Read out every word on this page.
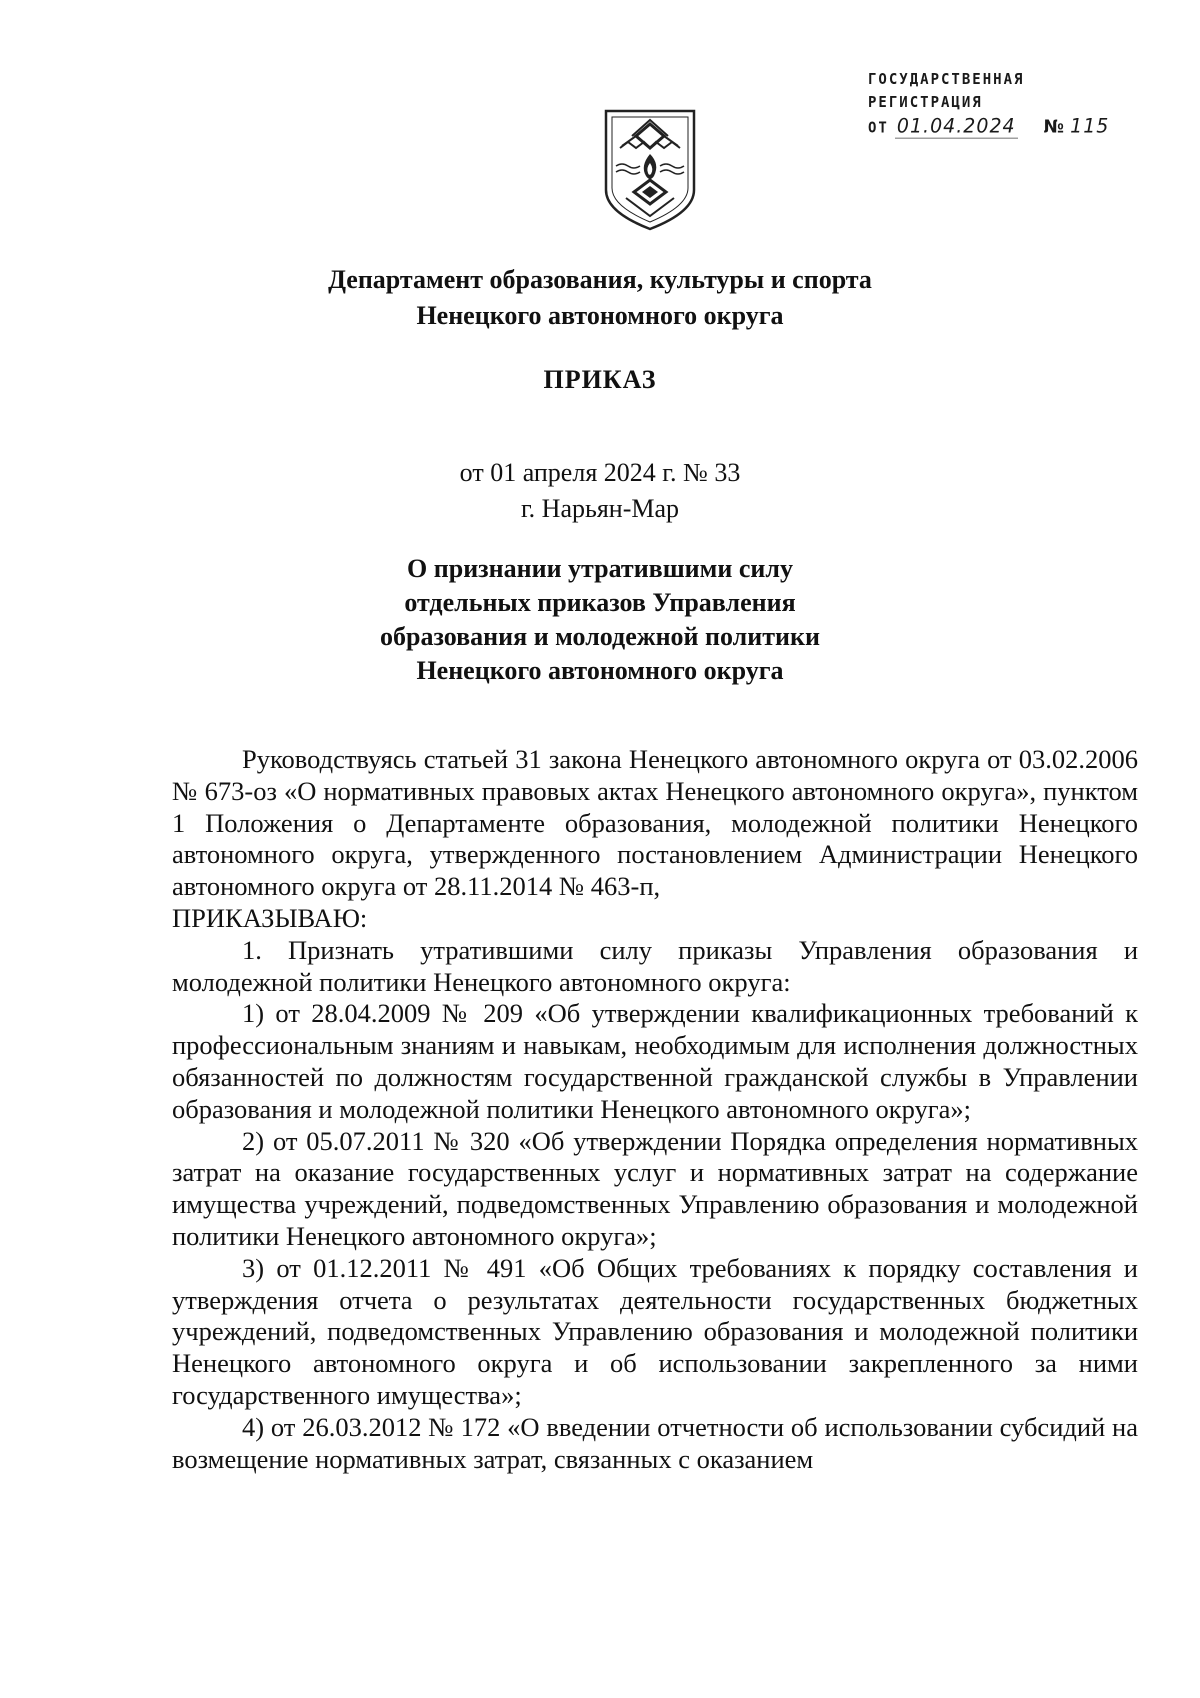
ГОСУДАРСТВЕННАЯ
РЕГИСТРАЦИЯ
ОТ 01.04.2024 № 115
Департамент образования, культуры и спорта
Ненецкого автономного округа
ПРИКАЗ
от 01 апреля 2024 г. № 33
г. Нарьян-Мар
О признании утратившими силу
отдельных приказов Управления
образования и молодежной политики
Ненецкого автономного округа

Руководствуясь статьей 31 закона Ненецкого автономного округа от 03.02.2006 № 673-оз «О нормативных правовых актах Ненецкого автономного округа», пунктом 1 Положения о Департаменте образования, молодежной политики Ненецкого автономного округа, утвержденного постановлением Администрации Ненецкого автономного округа от 28.11.2014 № 463-п,

ПРИКАЗЫВАЮ:

1. Признать утратившими силу приказы Управления образования и молодежной политики Ненецкого автономного округа:

1) от 28.04.2009 № 209 «Об утверждении квалификационных требований к профессиональным знаниям и навыкам, необходимым для исполнения должностных обязанностей по должностям государственной гражданской службы в Управлении образования и молодежной политики Ненецкого автономного округа»;

2) от 05.07.2011 № 320 «Об утверждении Порядка определения нормативных затрат на оказание государственных услуг и нормативных затрат на содержание имущества учреждений, подведомственных Управлению образования и молодежной политики Ненецкого автономного округа»;

3) от 01.12.2011 № 491 «Об Общих требованиях к порядку составления и утверждения отчета о результатах деятельности государственных бюджетных учреждений, подведомственных Управлению образования и молодежной политики Ненецкого автономного округа и об использовании закрепленного за ними государственного имущества»;

4) от 26.03.2012 № 172 «О введении отчетности об использовании субсидий на возмещение нормативных затрат, связанных с оказанием
